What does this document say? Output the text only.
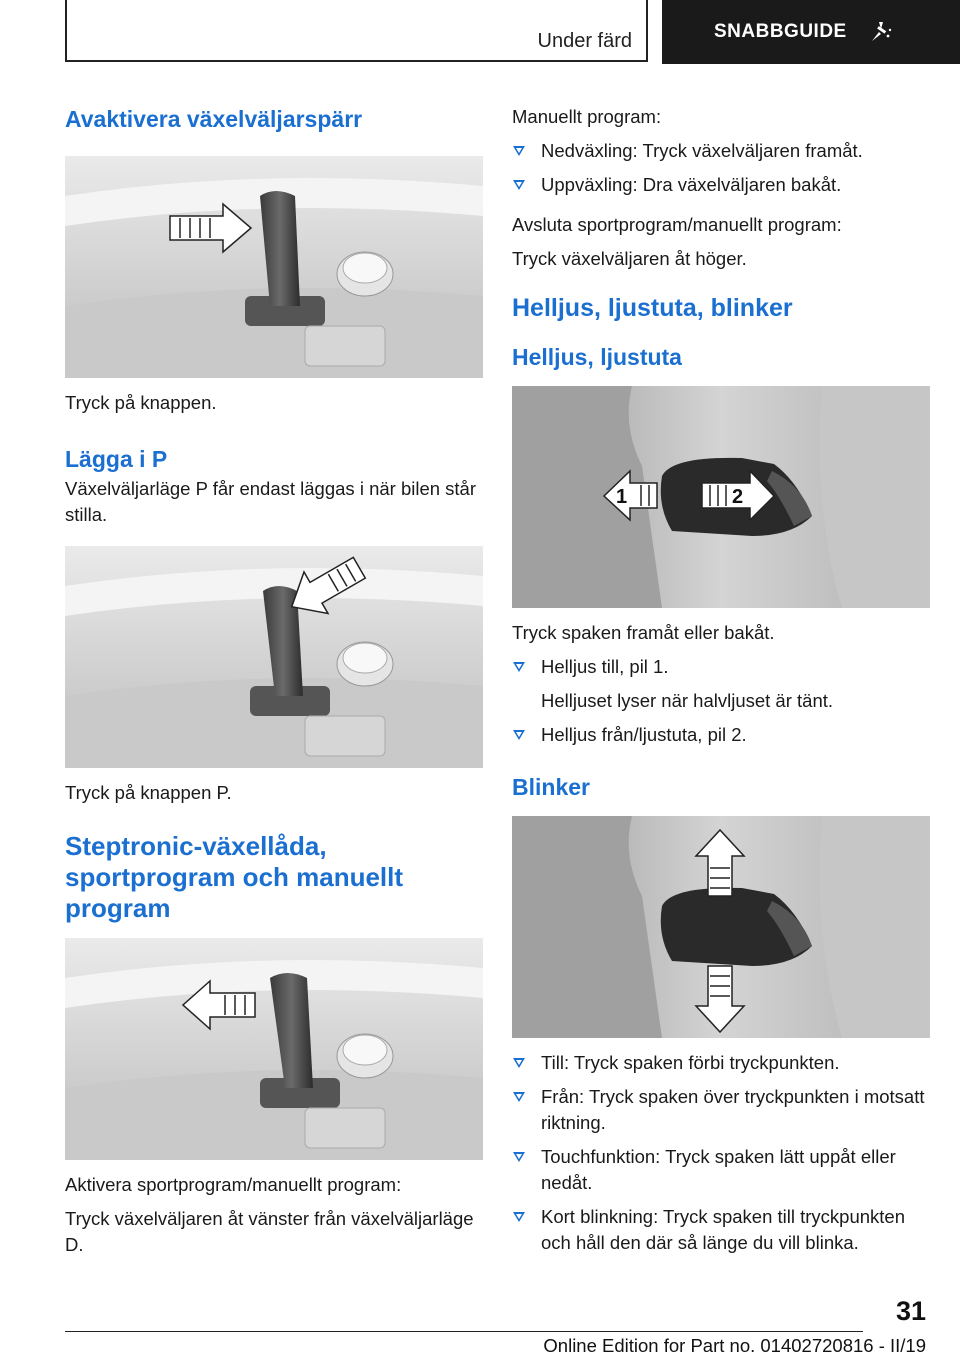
Under färd	SNABBGUIDE
Avaktivera växelväljarspärr

Tryck på knappen.

Lägga i P

Växelväljarläge P får endast läggas i när bilen står stilla.

Tryck på knappen P.

Steptronic-växellåda, sportprogram och manuellt program

Aktivera sportprogram/manuellt program:

Tryck växelväljaren åt vänster från växelväljarläge D.

Manuellt program:

Nedväxling: Tryck växelväljaren framåt.
Uppväxling: Dra växelväljaren bakåt.

Avsluta sportprogram/manuellt program:

Tryck växelväljaren åt höger.

Helljus, ljustuta, blinker
Helljus, ljustuta
2
1

Tryck spaken framåt eller bakåt.

Helljus till, pil 1.
Helljuset lyser när halvljuset är tänt.
Helljus från/ljustuta, pil 2.
Blinker
Till: Tryck spaken förbi tryckpunkten.
Från: Tryck spaken över tryckpunkten i motsatt riktning.
Touchfunktion: Tryck spaken lätt uppåt eller nedåt.
Kort blinkning: Tryck spaken till tryckpunkten och håll den där så länge du vill blinka.
31
Online Edition for Part no. 01402720816 - II/19
